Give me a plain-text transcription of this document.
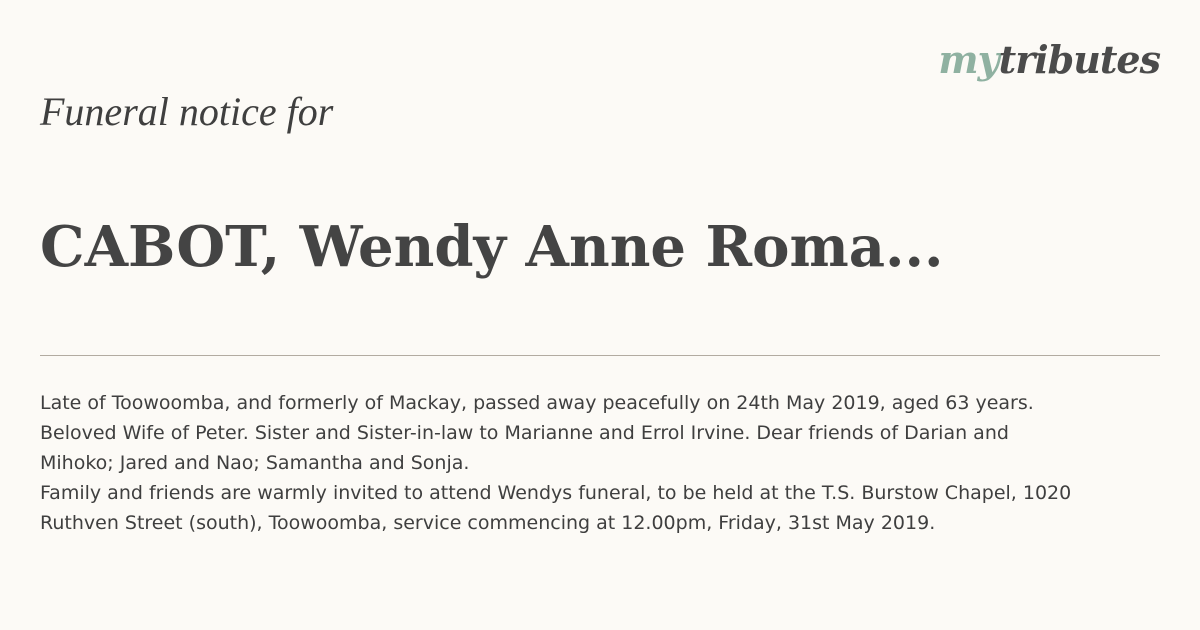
mytributes
Funeral notice for
CABOT, Wendy Anne Roma...

Late of Toowoomba, and formerly of Mackay, passed away peacefully on 24th May 2019, aged 63 years.

Beloved Wife of Peter. Sister and Sister-in-law to Marianne and Errol Irvine. Dear friends of Darian and

Mihoko; Jared and Nao; Samantha and Sonja.

Family and friends are warmly invited to attend Wendys funeral, to be held at the T.S. Burstow Chapel, 1020

Ruthven Street (south), Toowoomba, service commencing at 12.00pm, Friday, 31st May 2019.
